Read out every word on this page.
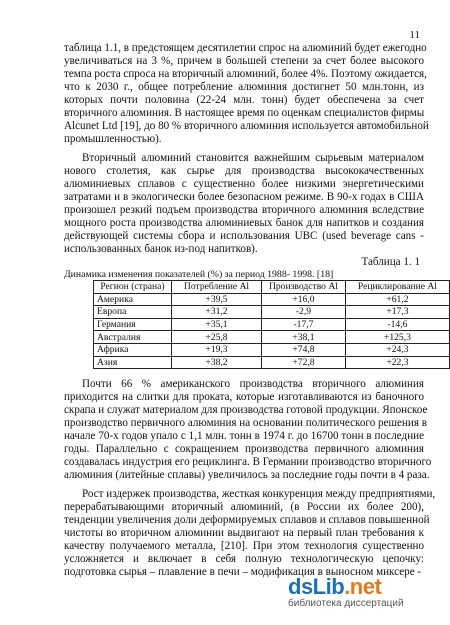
11
таблица 1.1, в предстоящем десятилетии спрос на алюминий будет ежегодно
увеличиваться на 3 %, причем в большей степени за счет более высокого
темпа роста спроса на вторичный алюминий, более 4%. Поэтому ожидается,
что к 2030 г., общее потребление алюминия достигнет 50 млн.тонн, из
которых почти половина (22-24 млн. тонн) будет обеспечена за счет
вторичного алюминия. В настоящее время по оценкам специалистов фирмы
Alcunet Ltd [19], до 80 % вторичного алюминия используется автомобильной
промышленностью).
Вторичный алюминий становится важнейшим сырьевым материалом
нового столетия, как сырье для производства высококачественных
алюминиевых сплавов с существенно более низкими энергетическими
затратами и в экологически более безопасном режиме. В 90-х годах в США
произошел резкий подъем производства вторичного алюминия вследствие
мощного роста производства алюминиевых банок для напитков и создания
действующей системы сбора и использования UBC (used beverage cans -
использованных банок из-под напитков).
Таблица 1. 1
Динамика изменения показателей (%) за период 1988- 1998. [18]
Регион (страна)	Потребление Al	Производство Al	Рециклирование Al
Америка	+39,5	+16,0	+61,2
Европа	+31,2	-2,9	+17,3
Германия	+35,1	-17,7	-14,6
Австралия	+25,8	+38,1	+125,3
Африка	+19,3	+74,8	+24,3
Азия	+38,2	+72,8	+22,3
Почти 66 % американского производства вторичного алюминия
приходится на слитки для проката, которые изготавливаются из баночного
скрапа и служат материалом для производства готовой продукции. Японское
производство первичного алюминия на основании политического решения в
начале 70-х годов упало с 1,1 млн. тонн в 1974 г. до 16700 тонн в последние
годы. Параллельно с сокращением производства первичного алюминия
создавалась индустрия его рециклинга. В Германии производство вторичного
алюминия (литейные сплавы) увеличилось за последние годы почти в 4 раза.
Рост издержек производства, жесткая конкуренция между предприятиями,
перерабатывающими вторичный алюминий, (в России их более 200),
тенденции увеличения доли деформируемых сплавов и сплавов повышенной
чистоты во вторичном алюминии выдвигают на первый план требования к
качеству получаемого металла, [210]. При этом технология существенно
усложняется и включает в себя полную технологическую цепочку:
подготовка сырья – плавление в печи – модификация в выносном миксере -
dsLib.net
библиотека диссертаций
